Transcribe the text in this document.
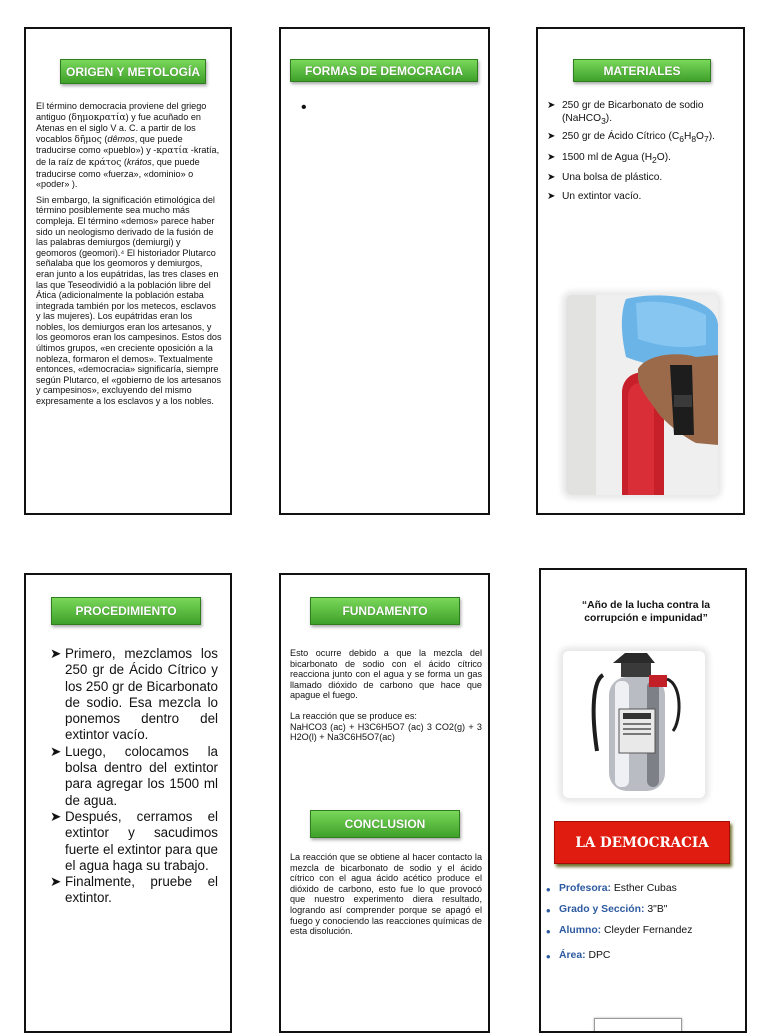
ORIGEN Y METOLOGÍA

El término democracia proviene del griego antiguo (δημοκρατία) y fue acuñado en Atenas en el siglo V a. C. a partir de los vocablos δῆμος (dêmos, que puede traducirse como «pueblo») y -κρατία -kratía, de la raíz de κράτος (krátos, que puede traducirse como «fuerza», «dominio» o «poder» ).

Sin embargo, la significación etimológica del término posiblemente sea mucho más compleja. El término «demos» parece haber sido un neologismo derivado de la fusión de las palabras demiurgos (demiurgi) y geomoros (geomori).⁴ El historiador Plutarco señalaba que los geomoros y demiurgos, eran junto a los eupátridas, las tres clases en las que Teseodividió a la población libre del Ática (adicionalmente la población estaba integrada también por los metecos, esclavos y las mujeres). Los eupátridas eran los nobles, los demiurgos eran los artesanos, y los geomoros eran los campesinos. Estos dos últimos grupos, «en creciente oposición a la nobleza, formaron el demos». Textualmente entonces, «democracia» significaría, siempre según Plutarco, el «gobierno de los artesanos y campesinos», excluyendo del mismo expresamente a los esclavos y a los nobles.

FORMAS DE DEMOCRACIA
•
MATERIALES
➤ 250 gr de Bicarbonato de sodio
(NaHCO$_3$).
➤ 250 gr de Ácido Cítrico $(C_6H_8O_7)$.
➤ 1500 ml de Agua $(H_2O)$.
➤ Una bolsa de plástico.
➤ Un extintor vacío.
PROCEDIMIENTO
➤ Primero, mezclamos los 250 gr de Ácido Cítrico y los 250 gr de Bicarbonato de sodio. Esa mezcla lo ponemos dentro del extintor vacío.
➤ Luego, colocamos la bolsa dentro del extintor para agregar los 1500 ml de agua.
➤ Después, cerramos el extintor y sacudimos fuerte el extintor para que el agua haga su trabajo.
➤ Finalmente, pruebe el extintor.
FUNDAMENTO

Esto ocurre debido a que la mezcla del bicarbonato de sodio con el ácido cítrico reacciona junto con el agua y se forma un gas llamado dióxido de carbono que hace que apague el fuego.

La reacción que se produce es:

NaHCO3 (ac) + H3C6H5O7 (ac) 3 CO2(g) + 3 H2O(l) + Na3C6H5O7(ac)

CONCLUSION
La reacción que se obtiene al hacer contacto la mezcla de bicarbonato de sodio y el ácido cítrico con el agua ácido acético produce el dióxido de carbono, esto fue lo que provocó que nuestro experimento diera resultado, logrando así comprender porque se apagó el fuego y conociendo las reacciones químicas de esta disolución.
“Año de la lucha contra la corrupción e impunidad”
LA DEMOCRACIA
• Profesora: Esther Cubas
• Grado y Sección: 3"B"
• Alumno: Cleyder Fernandez
• Área: DPC
